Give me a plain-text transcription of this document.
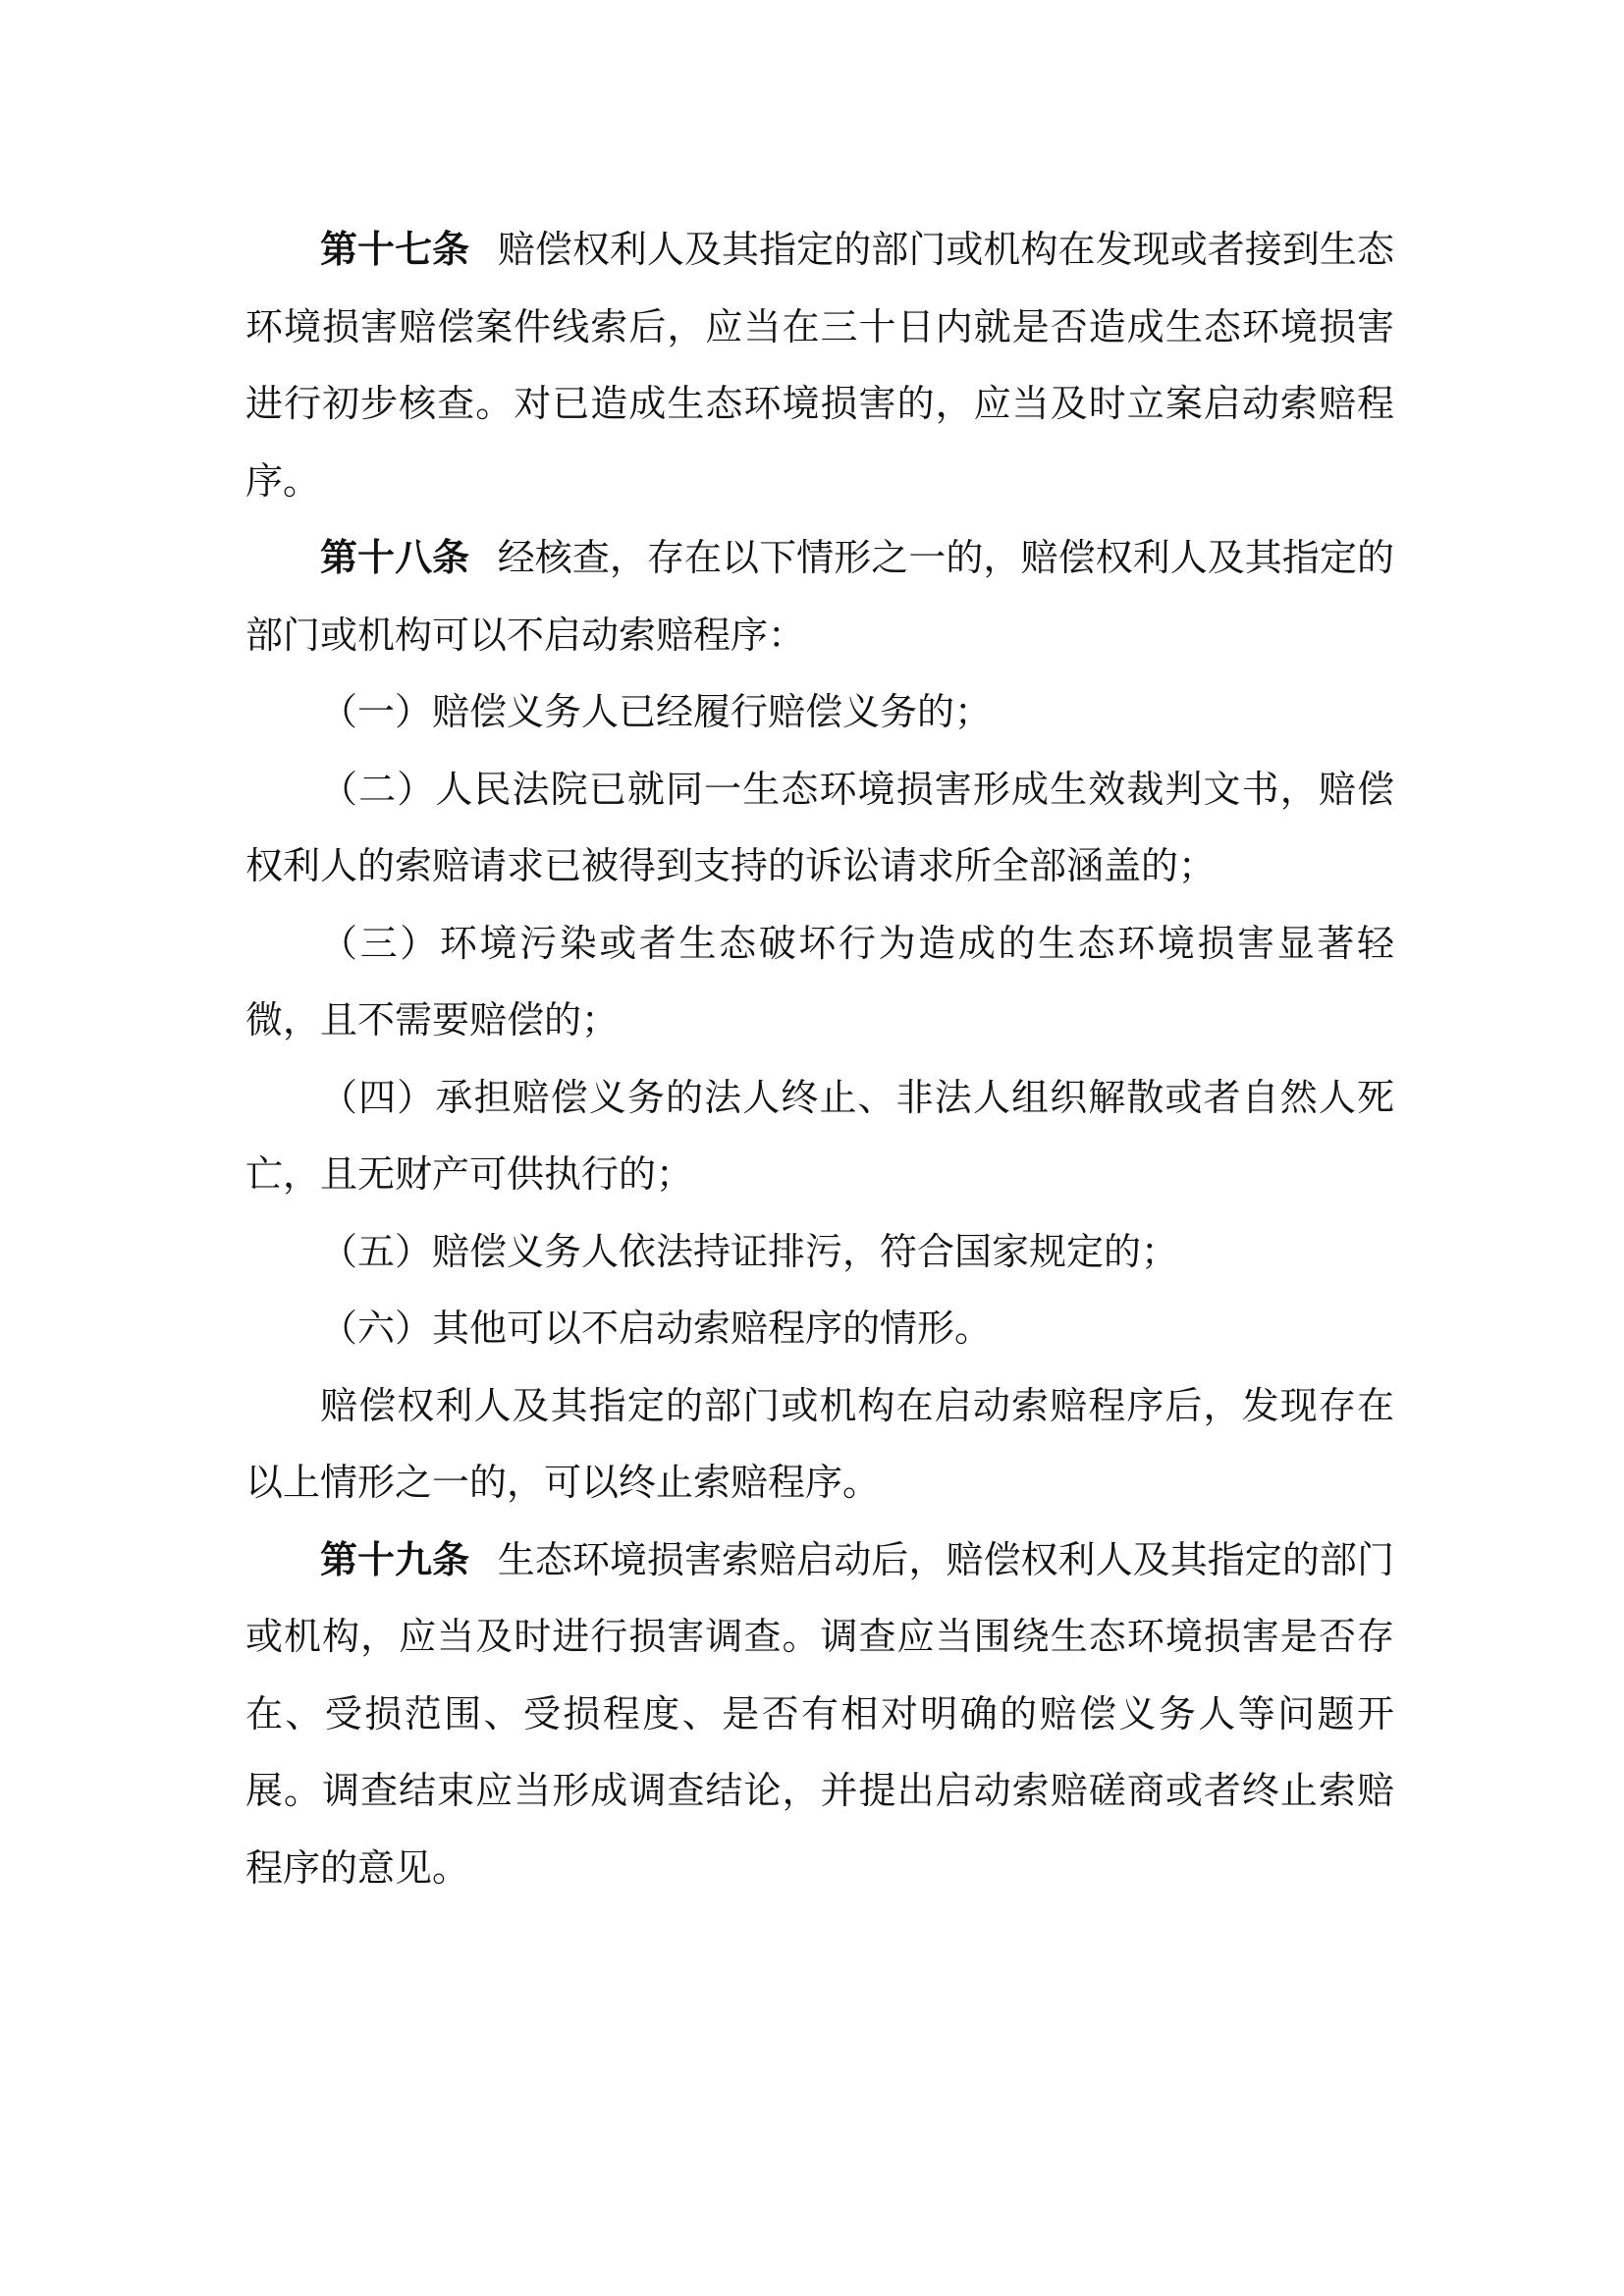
第十七条 赔偿权利人及其指定的部门或机构在发现或者接到生态环境损害赔偿案件线索后，应当在三十日内就是否造成生态环境损害进行初步核查。对已造成生态环境损害的，应当及时立案启动索赔程序。

第十八条 经核查，存在以下情形之一的，赔偿权利人及其指定的部门或机构可以不启动索赔程序：

（一）赔偿义务人已经履行赔偿义务的；

（二）人民法院已就同一生态环境损害形成生效裁判文书，赔偿权利人的索赔请求已被得到支持的诉讼请求所全部涵盖的；

（三）环境污染或者生态破坏行为造成的生态环境损害显著轻微，且不需要赔偿的；

（四）承担赔偿义务的法人终止、非法人组织解散或者自然人死亡，且无财产可供执行的；

（五）赔偿义务人依法持证排污，符合国家规定的；

（六）其他可以不启动索赔程序的情形。

赔偿权利人及其指定的部门或机构在启动索赔程序后，发现存在以上情形之一的，可以终止索赔程序。

第十九条 生态环境损害索赔启动后，赔偿权利人及其指定的部门或机构，应当及时进行损害调查。调查应当围绕生态环境损害是否存在、受损范围、受损程度、是否有相对明确的赔偿义务人等问题开展。调查结束应当形成调查结论，并提出启动索赔磋商或者终止索赔程序的意见。
